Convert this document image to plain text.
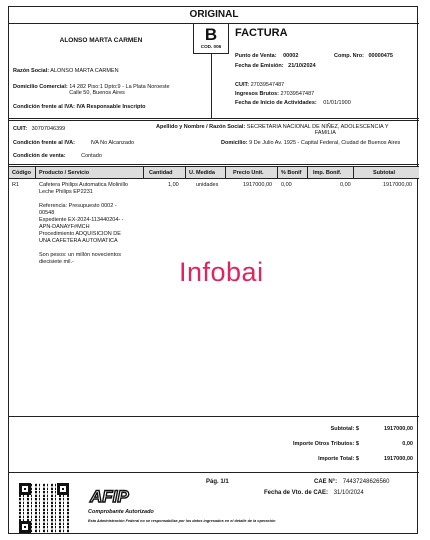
ORIGINAL
B
COD. 006
ALONSO MARTA CARMEN
Razón Social: ALONSO MARTA CARMEN
Domicilio Comercial: 14 282 Piso:1 Dpto:9 - La Plata Noroeste
Calle 50, Buenos Aires
Condición frente al IVA: IVA Responsable Inscripto
FACTURA
Punto de Venta: 00002	Comp. Nro: 00000475
Fecha de Emisión: 21/10/2024
CUIT: 27039547487
Ingresos Brutos: 27039547487
Fecha de Inicio de Actividades: 01/01/1900
CUIT: 30707046399	Apellido y Nombre / Razón Social: SECRETARIA NACIONAL DE NIÑEZ, ADOLESCENCIA Y
FAMILIA
Condición frente al IVA:	IVA No Alcanzado	Domicilio: 9 De Julio Av. 1925 - Capital Federal, Ciudad de Buenos Aires
Condición de venta:	Contado
Código Producto / Servicio	Cantidad	U. Medida	Precio Unit.	% Bonif Imp. Bonif.	Subtotal
R1	Cafetera Philips Automatica Molinillo
Leche Philips EP2231
1,00	unidades	1917000,00 0,00	0,00	1917000,00
Referencia: Presupuesto 0002 -
00548
Expediente EX-2024-113440204- -
APN-DANAYF#MCH
Procedimiento ADQUISICION DE
UNA CAFETERA AUTOMATICA
Son pesos: un millón novecientos
diecisiete mil.-	Infobai
Subtotal: $	1917000,00
Importe Otros Tributos: $	0,00
Importe Total: $	1917000,00
AFIP
Comprobante Autorizado
Esta Administración Federal no se responsabiliza por los datos ingresados en el detalle de la operación
Pág. 1/1	CAE N°: 74437248626560
Fecha de Vto. de CAE: 31/10/2024
